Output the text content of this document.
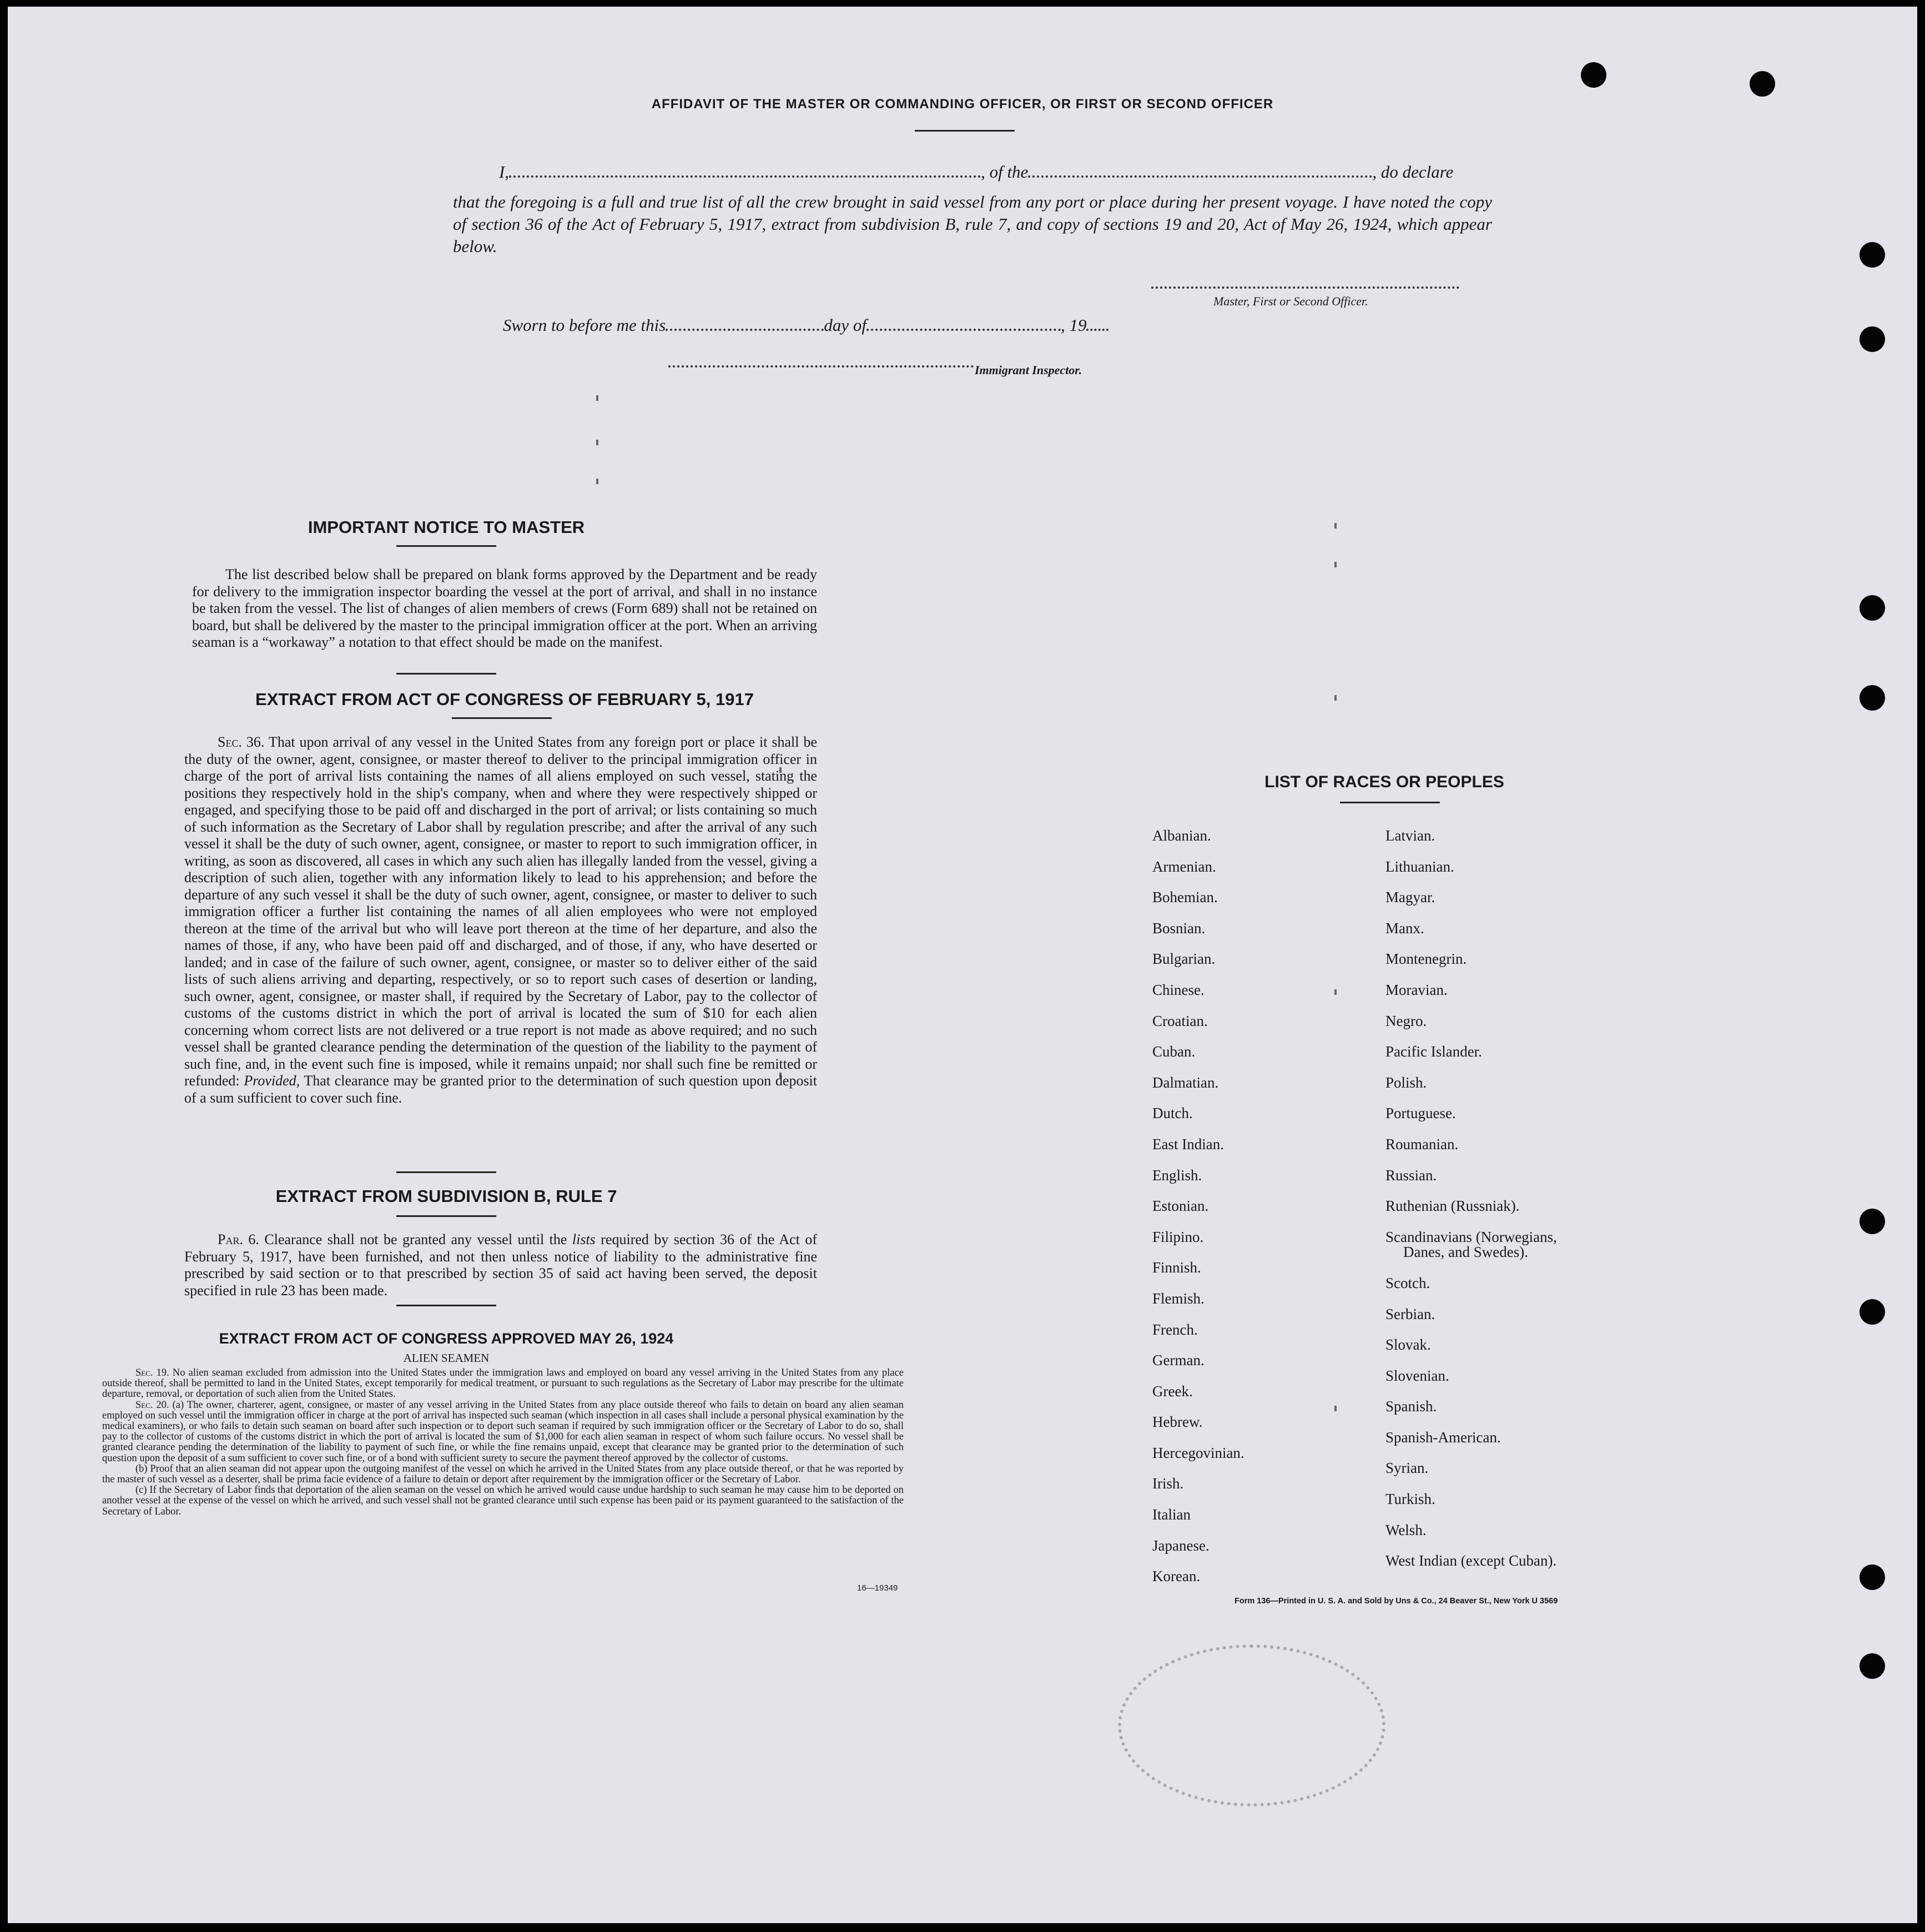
AFFIDAVIT OF THE MASTER OR COMMANDING OFFICER, OR FIRST OR SECOND OFFICER
I,	, of the	, do declare
that the foregoing is a full and true list of all the crew brought in said vessel from any port or place during her present voyage. I have noted the copy of section 36 of the Act of February 5, 1917, extract from subdivision B, rule 7, and copy of sections 19 and 20, Act of May 26, 1924, which appear below.
Master, First or Second Officer.
Sworn to before me this	day of	, 19
Immigrant Inspector.
IMPORTANT NOTICE TO MASTER

The list described below shall be prepared on blank forms approved by the Department and be ready for delivery to the immigration inspector boarding the vessel at the port of arrival, and shall in no instance be taken from the vessel. The list of changes of alien members of crews (Form 689) shall not be retained on board, but shall be delivered by the master to the principal immigration officer at the port. When an arriving seaman is a “workaway” a notation to that effect should be made on the manifest.

EXTRACT FROM ACT OF CONGRESS OF FEBRUARY 5, 1917

Sec. 36. That upon arrival of any vessel in the United States from any foreign port or place it shall be the duty of the owner, agent, consignee, or master thereof to deliver to the principal immigration officer in charge of the port of arrival lists containing the names of all aliens employed on such vessel, stating the positions they respectively hold in the ship's company, when and where they were respectively shipped or engaged, and specifying those to be paid off and discharged in the port of arrival; or lists containing so much of such information as the Secretary of Labor shall by regulation prescribe; and after the arrival of any such vessel it shall be the duty of such owner, agent, consignee, or master to report to such immigration officer, in writing, as soon as discovered, all cases in which any such alien has illegally landed from the vessel, giving a description of such alien, together with any information likely to lead to his apprehension; and before the departure of any such vessel it shall be the duty of such owner, agent, consignee, or master to deliver to such immigration officer a further list containing the names of all alien employees who were not employed thereon at the time of the arrival but who will leave port thereon at the time of her departure, and also the names of those, if any, who have been paid off and discharged, and of those, if any, who have deserted or landed; and in case of the failure of such owner, agent, consignee, or master so to deliver either of the said lists of such aliens arriving and departing, respectively, or so to report such cases of desertion or landing, such owner, agent, consignee, or master shall, if required by the Secretary of Labor, pay to the collector of customs of the customs district in which the port of arrival is located the sum of $10 for each alien concerning whom correct lists are not delivered or a true report is not made as above required; and no such vessel shall be granted clearance pending the determination of the question of the liability to the payment of such fine, and, in the event such fine is imposed, while it remains unpaid; nor shall such fine be remitted or refunded: Provided, That clearance may be granted prior to the determination of such question upon deposit of a sum sufficient to cover such fine.

EXTRACT FROM SUBDIVISION B, RULE 7

Par. 6. Clearance shall not be granted any vessel until the lists required by section 36 of the Act of February 5, 1917, have been furnished, and not then unless notice of liability to the administrative fine prescribed by said section or to that prescribed by section 35 of said act having been served, the deposit specified in rule 23 has been made.

EXTRACT FROM ACT OF CONGRESS APPROVED MAY 26, 1924
ALIEN SEAMEN

Sec. 19. No alien seaman excluded from admission into the United States under the immigration laws and employed on board any vessel arriving in the United States from any place outside thereof, shall be permitted to land in the United States, except temporarily for medical treatment, or pursuant to such regulations as the Secretary of Labor may prescribe for the ultimate departure, removal, or deportation of such alien from the United States.

Sec. 20. (a) The owner, charterer, agent, consignee, or master of any vessel arriving in the United States from any place outside thereof who fails to detain on board any alien seaman employed on such vessel until the immigration officer in charge at the port of arrival has inspected such seaman (which inspection in all cases shall include a personal physical examination by the medical examiners), or who fails to detain such seaman on board after such inspection or to deport such seaman if required by such immigration officer or the Secretary of Labor to do so, shall pay to the collector of customs of the customs district in which the port of arrival is located the sum of $1,000 for each alien seaman in respect of whom such failure occurs. No vessel shall be granted clearance pending the determination of the liability to payment of such fine, or while the fine remains unpaid, except that clearance may be granted prior to the determination of such question upon the deposit of a sum sufficient to cover such fine, or of a bond with sufficient surety to secure the payment thereof approved by the collector of customs.

(b) Proof that an alien seaman did not appear upon the outgoing manifest of the vessel on which he arrived in the United States from any place outside thereof, or that he was reported by the master of such vessel as a deserter, shall be prima facie evidence of a failure to detain or deport after requirement by the immigration officer or the Secretary of Labor.

(c) If the Secretary of Labor finds that deportation of the alien seaman on the vessel on which he arrived would cause undue hardship to such seaman he may cause him to be deported on another vessel at the expense of the vessel on which he arrived, and such vessel shall not be granted clearance until such expense has been paid or its payment guaranteed to the satisfaction of the Secretary of Labor.

16—19349
LIST OF RACES OR PEOPLES
Albanian.
Armenian.
Bohemian.
Bosnian.
Bulgarian.
Chinese.
Croatian.
Cuban.
Dalmatian.
Dutch.
East Indian.
English.
Estonian.
Filipino.
Finnish.
Flemish.
French.
German.
Greek.
Hebrew.
Hercegovinian.
Irish.
Italian
Japanese.
Korean.
Latvian.
Lithuanian.
Magyar.
Manx.
Montenegrin.
Moravian.
Negro.
Pacific Islander.
Polish.
Portuguese.
Roumanian.
Russian.
Ruthenian (Russniak).
Scandinavians (Norwegians,
Danes, and Swedes).
Scotch.
Serbian.
Slovak.
Slovenian.
Spanish.
Spanish-American.
Syrian.
Turkish.
Welsh.
West Indian (except Cuban).
Form 136—Printed in U. S. A. and Sold by Uns & Co., 24 Beaver St., New York U 3569
